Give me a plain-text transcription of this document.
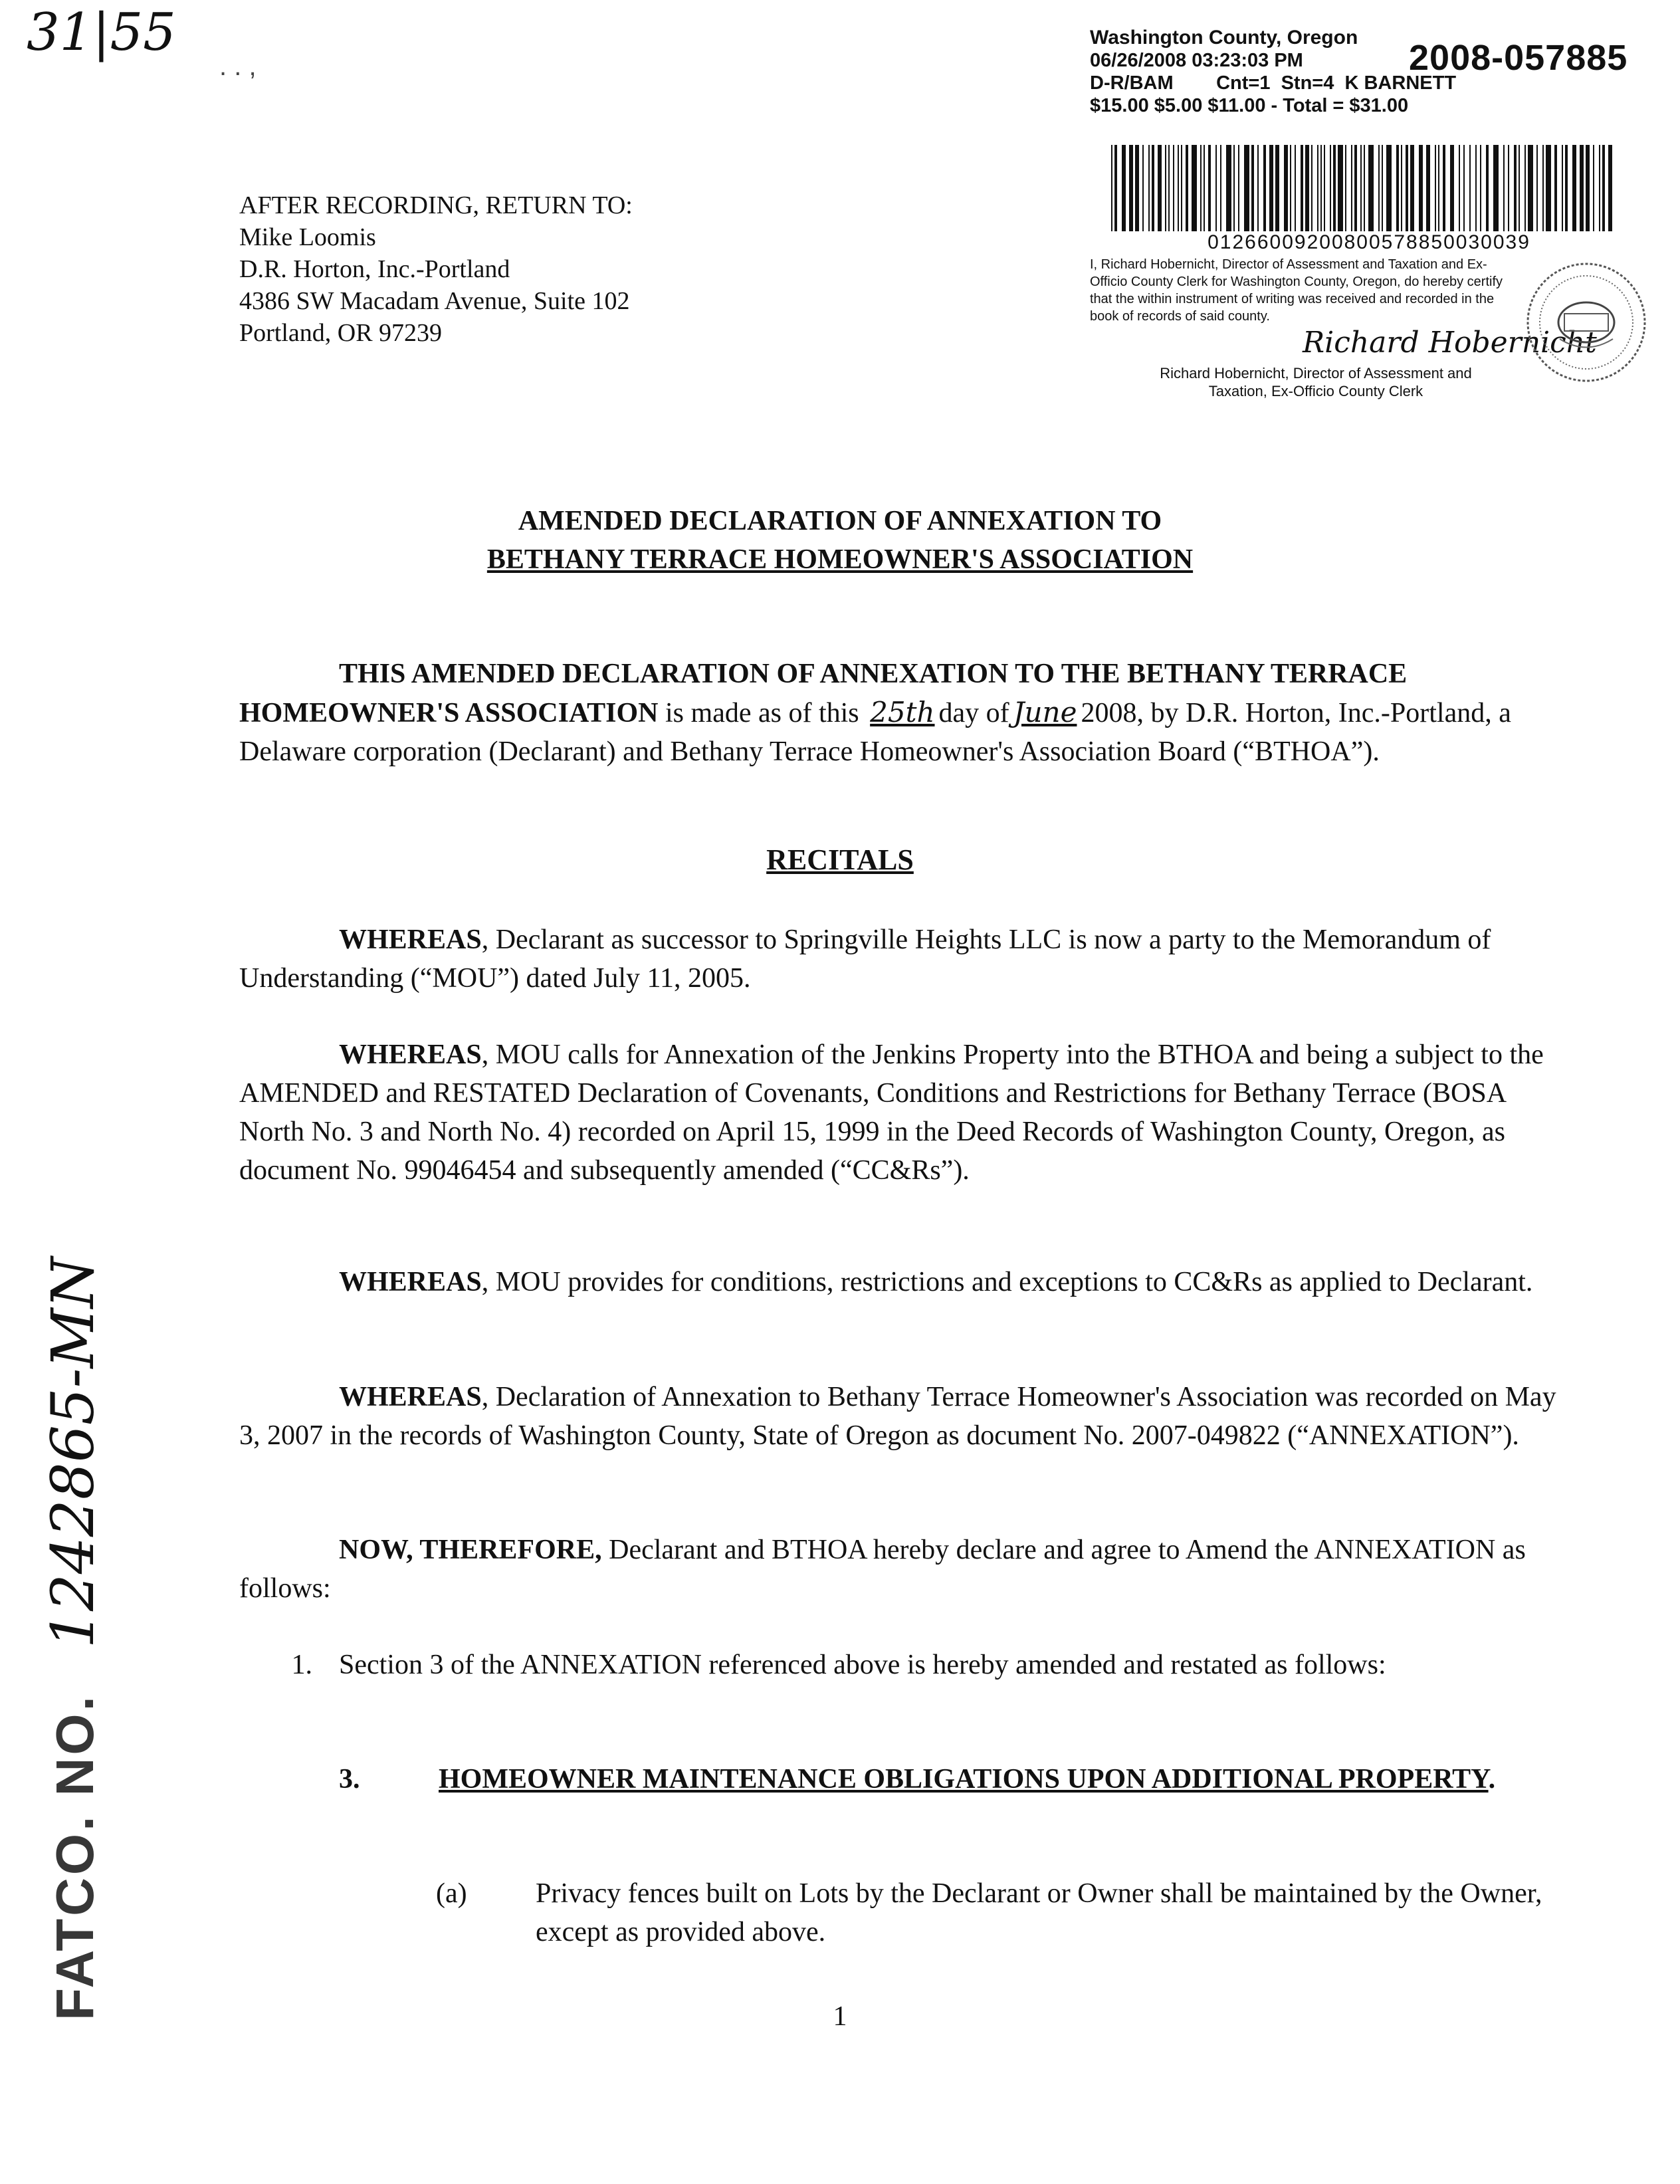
31|55
FATCO. NO. 1242865-MN
. . ,
AFTER RECORDING, RETURN TO:
Mike Loomis
D.R. Horton, Inc.-Portland
4386 SW Macadam Avenue, Suite 102
Portland, OR 97239
Washington County, Oregon
2008-057885
06/26/2008 03:23:03 PM
D-R/BAM        Cnt=1  Stn=4  K BARNETT
$15.00 $5.00 $11.00 - Total = $31.00
01266009200800578850030039
I, Richard Hobernicht, Director of Assessment and Taxation and Ex-Officio County Clerk for Washington County, Oregon, do hereby certify that the within instrument of writing was received and recorded in the book of records of said county.
Richard Hobernicht
Richard Hobernicht, Director of Assessment and
Taxation, Ex-Officio County Clerk
AMENDED DECLARATION OF ANNEXATION TO
BETHANY TERRACE HOMEOWNER'S ASSOCIATION
THIS AMENDED DECLARATION OF ANNEXATION TO THE BETHANY TERRACE HOMEOWNER'S ASSOCIATION is made as of this 25th day of June 2008, by D.R. Horton, Inc.-Portland, a Delaware corporation (Declarant) and Bethany Terrace Homeowner's Association Board (“BTHOA”).
RECITALS
WHEREAS, Declarant as successor to Springville Heights LLC is now a party to the Memorandum of Understanding (“MOU”) dated July 11, 2005.
WHEREAS, MOU calls for Annexation of the Jenkins Property into the BTHOA and being a subject to the AMENDED and RESTATED Declaration of Covenants, Conditions and Restrictions for Bethany Terrace (BOSA North No. 3 and North No. 4) recorded on April 15, 1999 in the Deed Records of Washington County, Oregon, as document No. 99046454 and subsequently amended (“CC&Rs”).
WHEREAS, MOU provides for conditions, restrictions and exceptions to CC&Rs as applied to Declarant.
WHEREAS, Declaration of Annexation to Bethany Terrace Homeowner's Association was recorded on May 3, 2007 in the records of Washington County, State of Oregon as document No. 2007-049822 (“ANNEXATION”).
NOW, THEREFORE, Declarant and BTHOA hereby declare and agree to Amend the ANNEXATION as follows:
1. Section 3 of the ANNEXATION referenced above is hereby amended and restated as follows:
3.	HOMEOWNER MAINTENANCE OBLIGATIONS UPON ADDITIONAL PROPERTY.
(a) Privacy fences built on Lots by the Declarant or Owner shall be maintained by the Owner, except as provided above.
1
